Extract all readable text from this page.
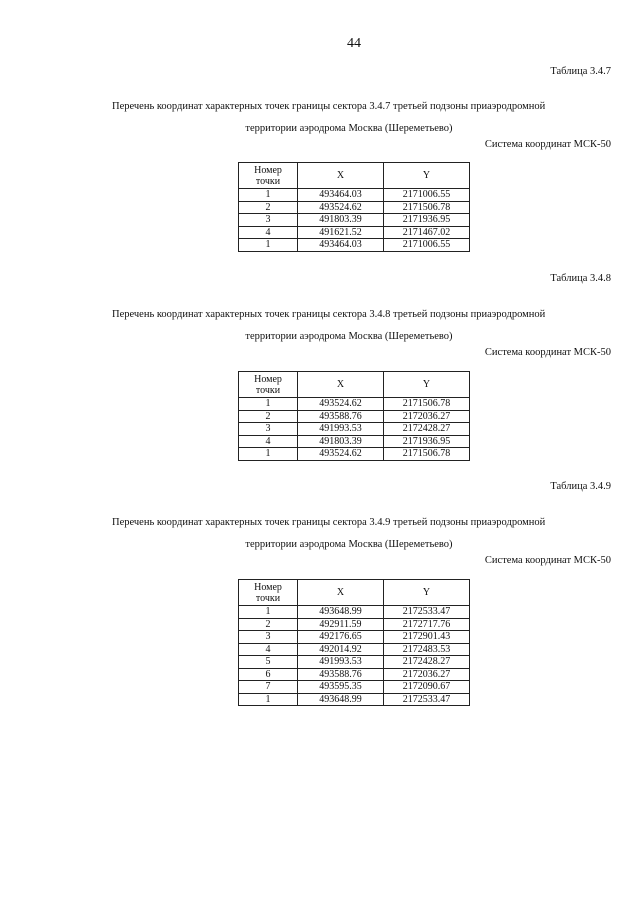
44
Таблица 3.4.7
Перечень координат характерных точек границы сектора 3.4.7 третьей подзоны приаэродромной
территории аэродрома Москва (Шереметьево)
Система координат МСК-50
Номер
точки	X	Y
1	493464.03	2171006.55
2	493524.62	2171506.78
3	491803.39	2171936.95
4	491621.52	2171467.02
1	493464.03	2171006.55
Таблица 3.4.8
Перечень координат характерных точек границы сектора 3.4.8 третьей подзоны приаэродромной
территории аэродрома Москва (Шереметьево)
Система координат МСК-50
Номер
точки	X	Y
1	493524.62	2171506.78
2	493588.76	2172036.27
3	491993.53	2172428.27
4	491803.39	2171936.95
1	493524.62	2171506.78
Таблица 3.4.9
Перечень координат характерных точек границы сектора 3.4.9 третьей подзоны приаэродромной
территории аэродрома Москва (Шереметьево)
Система координат МСК-50
Номер
точки	X	Y
1	493648.99	2172533.47
2	492911.59	2172717.76
3	492176.65	2172901.43
4	492014.92	2172483.53
5	491993.53	2172428.27
6	493588.76	2172036.27
7	493595.35	2172090.67
1	493648.99	2172533.47
